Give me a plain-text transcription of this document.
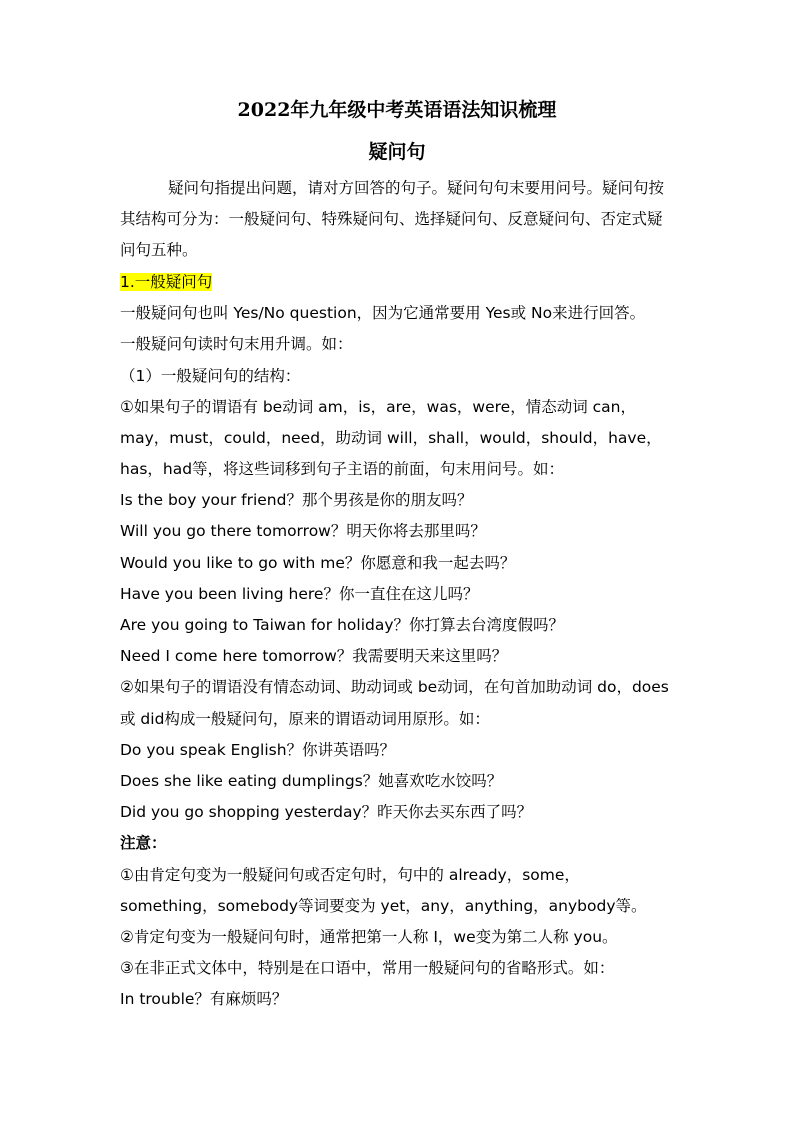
2022年九年级中考英语语法知识梳理
疑问句
疑问句指提出问题，请对方回答的句子。疑问句句末要用问号。疑问句按
其结构可分为：一般疑问句、特殊疑问句、选择疑问句、反意疑问句、否定式疑
问句五种。
1.一般疑问句
一般疑问句也叫 Yes/No question，因为它通常要用 Yes或 No来进行回答。
一般疑问句读时句末用升调。如：
（1）一般疑问句的结构：
①如果句子的谓语有 be动词 am，is，are，was，were，情态动词 can，
may，must，could，need，助动词 will，shall，would，should，have，
has，had等，将这些词移到句子主语的前面，句末用问号。如：
Is the boy your friend？那个男孩是你的朋友吗？
Will you go there tomorrow？明天你将去那里吗？
Would you like to go with me？你愿意和我一起去吗？
Have you been living here？你一直住在这儿吗？
Are you going to Taiwan for holiday？你打算去台湾度假吗？
Need I come here tomorrow？我需要明天来这里吗？
②如果句子的谓语没有情态动词、助动词或 be动词，在句首加助动词 do，does
或 did构成一般疑问句，原来的谓语动词用原形。如：
Do you speak English？你讲英语吗？
Does she like eating dumplings？她喜欢吃水饺吗？
Did you go shopping yesterday？昨天你去买东西了吗？
注意：
①由肯定句变为一般疑问句或否定句时，句中的 already，some，
something，somebody等词要变为 yet，any，anything，anybody等。
②肯定句变为一般疑问句时，通常把第一人称 I，we变为第二人称 you。
③在非正式文体中，特别是在口语中，常用一般疑问句的省略形式。如：
In trouble？有麻烦吗？
